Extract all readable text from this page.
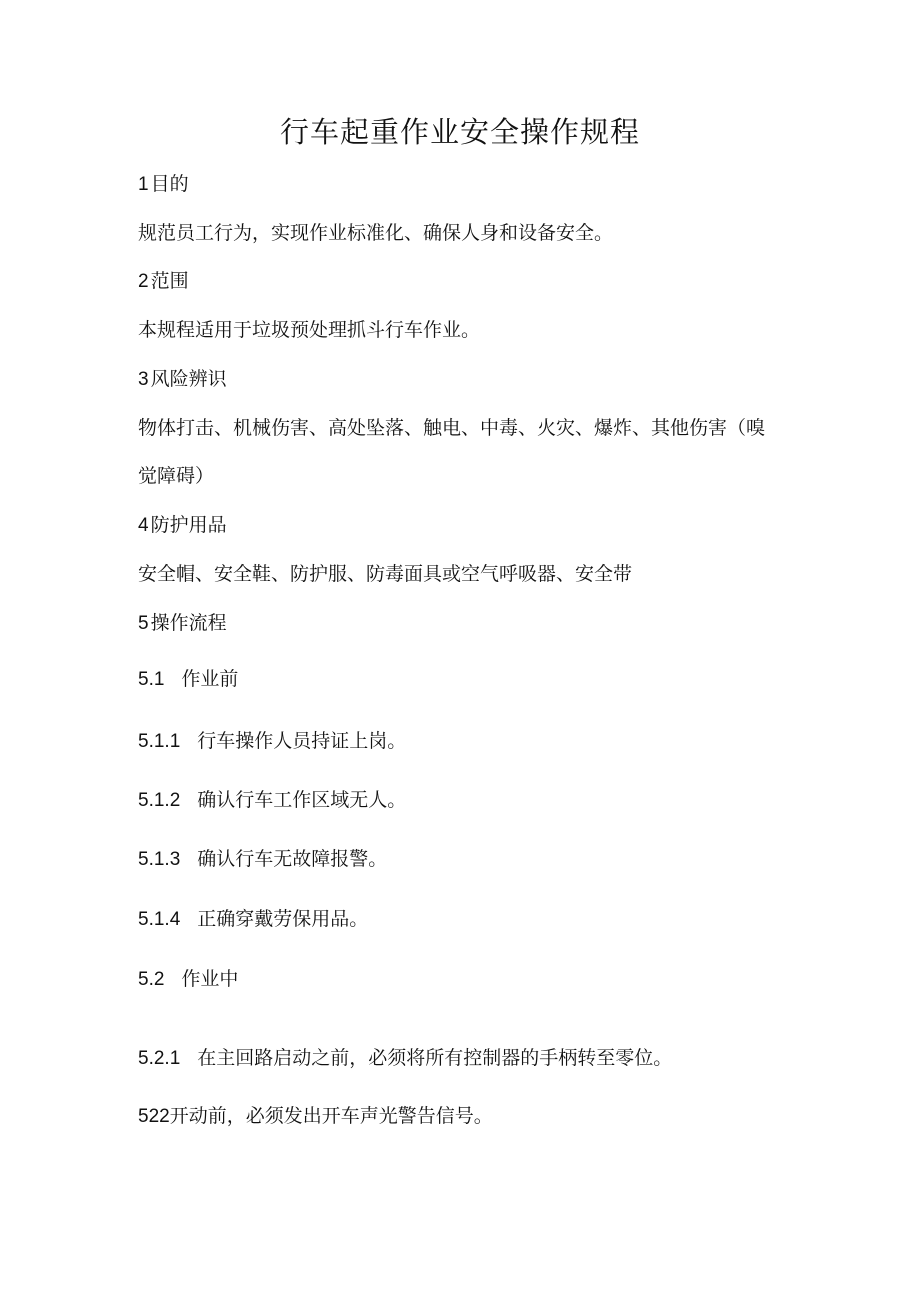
行车起重作业安全操作规程

1 目的

规范员工行为，实现作业标准化、确保人身和设备安全。

2 范围

本规程适用于垃圾预处理抓斗行车作业。

3 风险辨识

物体打击、机械伤害、高处坠落、触电、中毒、火灾、爆炸、其他伤害（嗅

觉障碍）

4 防护用品

安全帽、安全鞋、防护服、防毒面具或空气呼吸器、安全带

5 操作流程

5.1 作业前

5.1.1 行车操作人员持证上岗。

5.1.2 确认行车工作区域无人。

5.1.3 确认行车无故障报警。

5.1.4 正确穿戴劳保用品。

5.2 作业中

5.2.1 在主回路启动之前，必须将所有控制器的手柄转至零位。

522开动前，必须发出开车声光警告信号。
